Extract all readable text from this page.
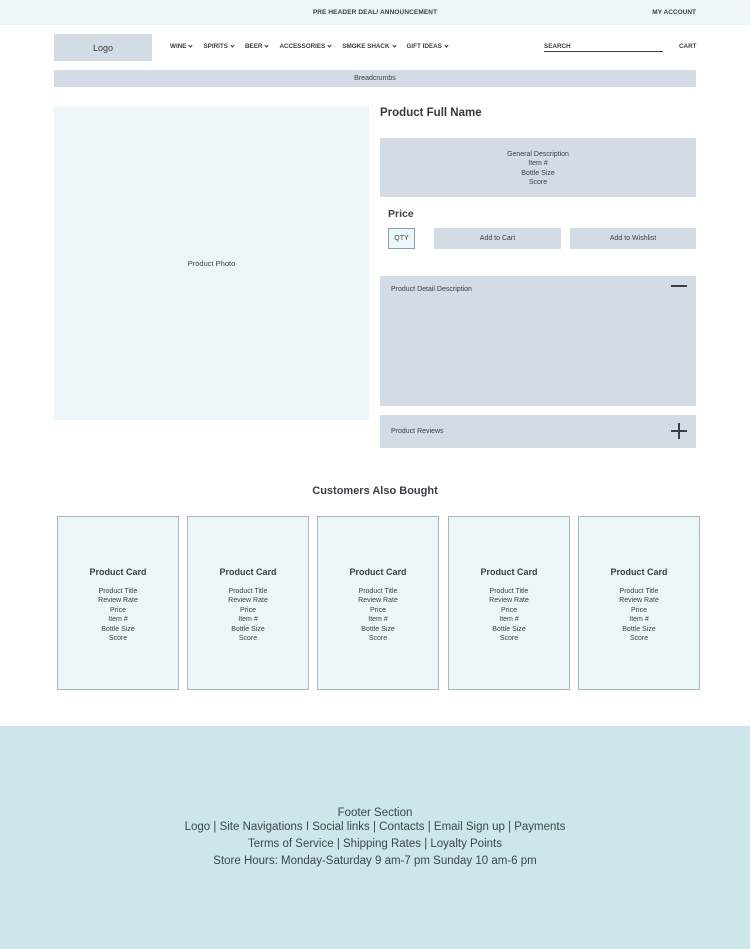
PRE HEADER DEAL/ ANNOUNCEMENT	MY ACCOUNT
Logo	WINE	SPIRITS	BEER	ACCESSORIES	SMOKE SHACK	GIFT IDEAS	SEARCH	CART
Breadcrumbs
Product Photo
Product Full Name
General Description
Item #
Bottle Size
Score
Price
QTY	Add to Cart	Add to Wishlist
Product Detail Description
Product Reviews
Customers Also Bought
Product Card
Product Title
Review Rate
Price
Item #
Bottle Size
Score
Product Card
Product Title
Review Rate
Price
Item #
Bottle Size
Score
Product Card
Product Title
Review Rate
Price
Item #
Bottle Size
Score
Product Card
Product Title
Review Rate
Price
Item #
Bottle Size
Score
Product Card
Product Title
Review Rate
Price
Item #
Bottle Size
Score
Footer Section
Logo | Site Navigations I Social links | Contacts | Email Sign up | Payments
Terms of Service | Shipping Rates | Loyalty Points
Store Hours: Monday-Saturday 9 am-7 pm Sunday 10 am-6 pm
